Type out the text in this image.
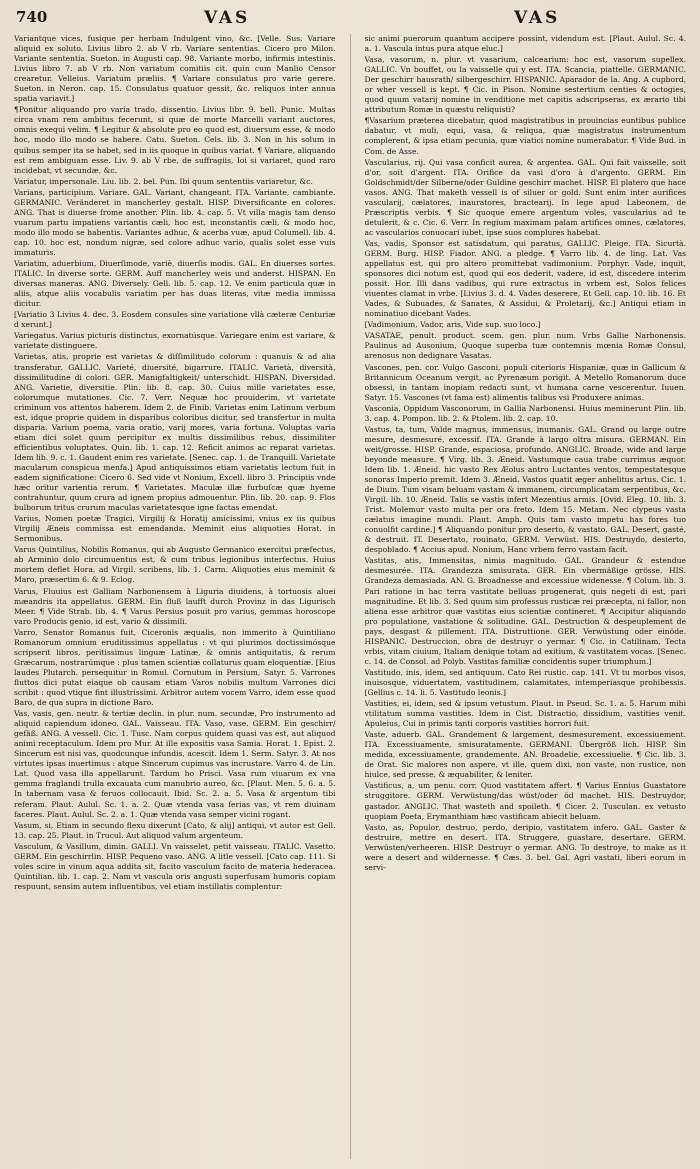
740	VAS	VAS

Variantque vices, fusique per herbam Indulgent vino, &c. [Velle. Sus. Variare aliquid ex soluto. Livius libro 2. ab V rb. Variare sententias. Cicero pro Milon. Variante sententia. Sueton. in Augusti cap. 98. Variante morbo, infirmis intestinis. Livius libro 7. ab V rb. Non variatum comitiis cit. quin cum Manlio Censor crearetur. Velleius. Variatum præliis. ¶ Variare consulatus pro varie gerere. Sueton. in Neron. cap. 15. Consulatus quatuor gessit, &c. reliquos inter annua spatia variavit.]

¶Ponitur aliquando pro varia trado, dissentio. Livius libr. 9. bell. Punic. Multas circa vnam rem ambitus fecerunt, si quæ de morte Marcelli variant auctores, omnis exequi velim. ¶ Legitur & absolute pro eo quod est, diuersum esse, & modo hoc, modo illo modo se habere. Catu. Sueton. Cels. lib. 3. Non in his solum in quibus semper ita se habet, sed in iis quoque in quibus variat. ¶ Variare, aliquando est rem ambiguam esse. Liv. 9. ab V rbe, de suffragiis, Ioi si variaret, quod raro incidebat, vt secundæ, &c.

Variatur, impersonale. Liu. lib. 2. bel. Pun. Ibi quum sententiis variaretur, &c.

Varians, participium. Variare. GAL. Variant, changeant. ITA. Variante, cambiante. GERMANIC. Veränderet in mancherley gestalt. HISP. Diversificante en colores. ANG. That is diuerse frome another. Plin. lib. 4. cap. 5. Vt villa magis tam denso vuarum partu impatiens variantis cæli, hoc est, inconstantis cæli, & modo hoc, modo illo modo se habentis. Variantes adhuc, & acerba vuæ, apud Columell. lib. 4. cap. 10. hoc est, nondum nigræ, sed colore adhuc vario, qualis solet esse vuis immaturis.

Variatim, aduerbium, Diuerſimode, variè, diuerſis modis. GAL. En diuerses sortes. ITALIC. In diverse sorte. GERM. Auff mancherley weis und anderst. HISPAN. En diversas maneras. ANG. Diversely. Gell. lib. 5. cap. 12. Ve enim particula quæ in aliis, atque aliis vocabulis variatim per has duas literas, vitæ media immissa dicitur.

[Variatio 3 Livius 4. dec. 3. Eosdem consules sine variatione vllà cæteræ Centuriæ d xerunt.]

Variegatus. Varius picturis distinctus, exornatúsque. Variegare enim est variare, & varietate distinguere.

Varietas, atis, proprie est varietas & diſſimilitudo colorum : quanuis & ad alia transferatur. GALLIC. Varieté, diuersité, bigarrure. ITALIC. Varietà, diversità, dissimilitudine di colori. GER. Manigfaltigkeit/ unterschidt. HISPAN. Diversidad. ANG. Varietie, diversitie. Plin. lib. 8. cap. 30. Cuius mille varietates esse, colorumque mutationes. Cic. 7. Verr. Nequæ hoc prouiderim, vt varietate criminum vos attentos haberem. Idem 2. de Finib. Varietas enim Latinum verbum est, idque proprie quidem in disparibus coloribus dicitur, sed transfertur in multa disparia. Varium poema, varia oratio, varij mores, varia fortuna. Voluptas varia etiam dici solet quum percipitur ex multis dissimilibus rebus, dissimiliter efficientibus voluptates. Quin. lib. 1. cap. 12. Reficit animos ac reparat varietas. Idem lib. 9. c. 1. Gaudent enim res varietate. [Senec. cap. 1. de Tranquill. Varietate macularum conspicua menfa.] Apud antiquissimos etiam varietatis lectum fuit in eadem significatione: Cicero 6. Sed vide vt Nonium, Excell. libro 3. Principiis vnde hæc oritur varientia rerum. ¶ Varietates. Maculæ illæ furbuſcæ quæ hyeme contrahuntur, quum crura ad ignem propius admouentur. Plin. lib. 20. cap. 9. Flos bulborum tritus crurum maculas varietatesque igne factas emendat.

Varius, Nomen poetæ Tragici, Virgilij & Horatij amicissimi, vnius ex iis quibus Virgilij Æneis commissa est emendanda. Meminit eius aliquoties Horat. in Sermonibus.

Varus Quintilius, Nobilis Romanus, qui ab Augusto Germanico exercitui præfectus, ab Arminio dolo circumuentus est, & cum tribus legionibus interfectus. Huius mortem deflet Hora. ad Virgil. scribens, lib. 1. Carm. Aliquoties eius meminit & Maro, præsertim 6. & 9. Eclog.

Varus, Fluuius est Galliam Narbonensem à Liguria diuidens, à tortuosis aluei mæandris ita appellatus. GERM. Ein fluß laufft durch Provinz in das Ligurisch Meer. ¶ Vide Strab. lib. 4. ¶ Varus Persius posuit pro varius, gemmas horoscope varo Producis genio, id est, vario & dissimili.

Varro, Senator Romanus fuit, Ciceronis æqualis, non immerito à Quintiliano Romanorum omnium eruditissimus appellatus : vt qui plurimos doctissimósque scripserit libros, peritissimus linguæ Latinæ, & omnis antiquitatis, & rerum Græcarum, nostrarúmque : plus tamen scientiæ collaturus quam eloquentiæ. [Eius laudes Plutarch. persequitur in Romul. Cornutum in Persium, Satyr. 5. Varrones fluttos dici putat eiaque ob causam etiam Varos nobilis multum Varrones dici scribit : quod vtique fint illustrissimi. Arbitror autem vocem Varro, idem esse quod Baro, de qua supra in dictione Baro.

Vas, vasis, gen. neutr. & tertiæ declin. in plur. num. secundæ, Pro instrumento ad aliquid capiendum idoneo. GAL. Vaisseau. ITA. Vaso, vase. GERM. Ein geschirr/ gefäß. ANG. A vessell. Cic. 1. Tusc. Nam corpus quidem quasi vas est, aut aliquod animi receptaculum. Idem pro Mur. At ille expositis vasa Samia. Horat. 1. Epist. 2. Sincerum est nisi vas, quodcunque infundis, acescit. Idem 1. Serm. Satyr. 3. At nos virtutes ipsas inuertimus : atque Sincerum cupimus vas incrustare. Varro 4. de Lin. Lat. Quod vasa illa appellarunt. Tardum ho Prisci. Vasa rum viuarum ex vna gemma fraglandi trulla excauata cum manubrio aureo, &c. [Plaut. Men. 5. 6. a. 5. In tabernam vasa & feruos collocauit. Ibid. Sc. 2. a. 5. Vasa & argentum tibi referam. Plaut. Aulul. Sc. 1. a. 2. Quæ vtenda vasa ferias vas, vt rem diuinam faceres. Plaut. Aulul. Sc. 2. a. 1. Quæ vtenda vasa semper vicini rogant.

Vasum, si, Etiam in secundo flexu dixerunt [Cato, & alij] antiqui, vt autor est Gell. 13. cap. 25. Plaut. in Trucul. Aut aliquod valum argenteum.

Vasculum, & Vasillum, dimin. GALLI. Vn vaisselet, petit vaisseau. ITALIC. Vasetto. GERM. Ein geschirrlin. HISP. Pequeno vaso. ANG. A litle vessell. [Cato cap. 111. Si voles scire in vinum aqua addita sit, facito vasculum facito de materia hederacea. Quintilian. lib. 1. cap. 2. Nam vt vascula oris angusti superfusam humoris copiam respuunt, sensim autem influentibus, vel etiam instillatis complentur:

sic animi puerorum quantum accipere possint, videndum est. [Plaut. Aulul. Sc. 4. a. 1. Vascula intus pura atque eluc.]

Vasa, vasorum, n. plur. vt vasarium, calcearium: hoc est, vasorum supellex. GALLIC. Vn bouffet, ou la vaisselle qui y est. ITA. Scancia, piattelle. GERMANIC. Der geschirr hausrath/ silbergeschirr. HISPANIC. Aparador de la. Ang. A cupbord, or wher vessell is kept. ¶ Cic. in Pison. Nomine sestertium centies & octogies, quod quum vatarij nomine in venditione met capitis adscripseras, ex ærario tibi attributum Romæ in quæstu reliquisti?

¶Vasarium præterea dicebatur, quod magistratibus in prouincias euntibus publice dabatur, vt muli, equi, vasa, & reliqua, quæ magistratus instrumentum complerent, & ipsa etiam pecunia, quæ viatici nomine numerabatur. ¶ Vide Bud. in Com. de Asse.

Vascularius, rij. Qui vasa conficit aurea, & argentea. GAL. Qui fait vaisselle, soit d'or, soit d'argent. ITA. Orifice da vasi d'oro à d'argento. GERM. Ein Goldschmidt/der Silberne/oder Guldine geschirr machet. HISP. El platero que hace vasos. ANG. That maketh vessell is of siluer or gold. Sunt enim inter aurifices vascularij, cælatores, inauratores, bractearij. In lege apud Labeonem, de Præscriptis verbis. ¶ Sic quoque emere argentum voles, vascularius ad te detulerit, & c. Cic. 6. Verr. In regium maximam palam artifices omnes, cælatores, ac vascularios conuocari iubet, ipse suos complures habebat.

Vas, vadis, Sponsor est satisdatum, qui paratus, GALLIC. Pleige. ITA. Sicurtà. GERM. Burg. HISP. Fiador. ANG. a pledge. ¶ Varro lib. 4. de ling. Lat. Vas appellatus est, qui pro altero promittebat vadimonium. Porphyr. Vade, inquit, sponsores dici notum est, quod qui eos dederit, vadere, id est, discedere interim possit. Hor. Illi dans vadibus, qui rure extractus in vrbem est, Solos felices viuentes clamat in vrbe. [Livius 3. d. 4. Vades deserere, Et Gell. cap. 10. lib. 16. Et Vades, & Subuades, & Sanates, & Assidui, & Proletarij, &c.] Antiqui etiam in nominatiuo dicebant Vades.

[Vadimonium, Vador, aris, Vide sup. suo loco.]

VASATAE, penult. product. scem. gen. plur. num. Vrbs Gallie Narbonensis. Paulinus ad Ausonium, Quoque superba tuæ contemnis mœnia Romæ Consul, arenosus non dedignare Vasatas.

Vascones, pen. cor. Vulgo Gasconi, populi citerioris Hispaniæ, quæ in Gallicum & Britannicum Oceanum vergit, ac Pyrenæum porigit. A Metello Romanorum duce obsessi, in tantam inopiam redacti sunt, vt humana carne vescerentur. Iuuen. Satyr. 15. Vascones (vt fama est) alimentis talibus vsi Produxere animas.

Vasconia, Oppidum Vasconorum, in Gallia Narbonensi. Huius meminerunt Plin. lib. 3. cap. 4. Pompon. lib. 2. & Ptolem. lib. 2. cap. 10.

Vastus, ta, tum, Valde magnus, immensus, inumanis. GAL. Grand ou large outre mesure, desmesuré, excessif. ITA. Grande à largo oltra misura. GERMAN. Ein weit/grosse. HISP. Grande, espaciosa, profundo. ANGLIC. Broade, wide and large beyonde measure. ¶ Virg. lib. 3. Æneid. Vastumque caua trabe currimus æquor. Idem lib. 1. Æneid. hic vasto Rex Æolus antro Luctantes ventos, tempestatesque sonoras Imperio premit. Idem 3. Æneid. Vastos quatit æger anhelitus artus. Cic. 1. de Diuin. Tum visam beluam vastam & immanem, circumplicatam serpentibus, &c. Virgil. lib. 10. Æneid. Talis se vastis infert Mezentius armis. [Ovid. Eleg. 10. lib. 3. Trist. Molemur vasto multa per ora freto. Idem 15. Metam. Nec clypeus vasta cælatus imagine mundi. Plaut. Amph. Quis tam vasto impetu has fores tuo conuolfit cardine.] ¶ Aliquando ponitur pro deserto, & vastato. GAL. Desert, gasté, & destruit. IT. Desertato, rouinato. GERM. Verwüst. HIS. Destruydo, desierto, despoblado. ¶ Accius apud. Nonium, Hanc vrbem ferro vastam facit.

Vastitas, atis, Immensitas, nimia magnitudo. GAL. Grandeur & estendue desmesurée. ITA. Grandezza smisurata. GER. Ein vbermäßige grösse. HIS. Grandeza demasiada. AN. G. Broadnesse and excessiue widenesse. ¶ Colum. lib. 3. Pari ratione in hac terra vastitate belluas progenerat, quis negeti di est, pari magnitudine. Et lib. 3. Sed quum sim professus rusticæ rei præcepta, ni fallor, non aliena esse arbitror quæ vastitas eius scientiæ contineret. ¶ Accipitur aliquando pro populatione, vastatione & solitudine. GAL. Destruction & despeuplement de pays, desgast & pillement. ITA. Distruttione. GER. Verwüstung oder einöde. HISPANIC. Destruccion, obra de destruyr o yermar. ¶ Cic. in Catilinam, Tecta vrbis, vitam ciuium, Italiam denique totam ad exitium, & vastitatem vocas. [Senec. c. 14. de Consol. ad Polyb. Vastitas familiæ concidentis super triumphum.]

Vastitudo, inis, idem, sed antiquum. Cato Rei rustic. cap. 141. Vt tu morbos visos, inuisosque, viduertatem, vastitudinem, calamitates, intemperiasque prohibessis. [Gellius c. 14. li. 5. Vastitudo leonis.]

Vastities, ei, idem, sed & ipsum vetustum. Plaut. in Pseud. Sc. 1. a. 5. Harum mihi vtilitatum summa vastities. Idem in Cist. Distractio, dissidium, vastities venit. Apuleius, Cui in primis tanti corporis vastities horrori fuit.

Vaste, aduerb. GAL. Grandement & largement, desmesurement, excessiuement. ITA. Excessiuamente, smisuratamente. GERMANI. Übergröß lich. HISP. Sin medida, excessiuamente, grandemente. AN. Broadelie, excessiuelie. ¶ Cic. lib. 3. de Orat. Sic malores non aspere, vt ille, quem dixi, non vaste, non rustice, non hiulce, sed presse, & æquabiliter, & leniter.

Vastificus, a, um penu. corr. Quod vastitatem affert. ¶ Varius Ennius Guastatore struggitore. GERM. Verwüstung/das wüst/oder öd machet. HIS. Destruydor, gastador. ANGLIC. That wasteth and spoileth. ¶ Cicer. 2. Tusculan. ex vetusto quopiam Poeta, Erymanthiam hæc vastificam abiecit beluam.

Vasto, as, Populor, destruo, perdo, deripio, vastitatem infero. GAL. Gaster & destruire, mettre en desert. ITA. Struggere, guastare, desertare. GERM. Verwüsten/verheeren. HISP. Destruyr o yermar. ANG. To destroye, to make as it were a desert and wildernesse. ¶ Cæs. 3. bel. Gal. Agri vastati, liberi eorum in servi-
